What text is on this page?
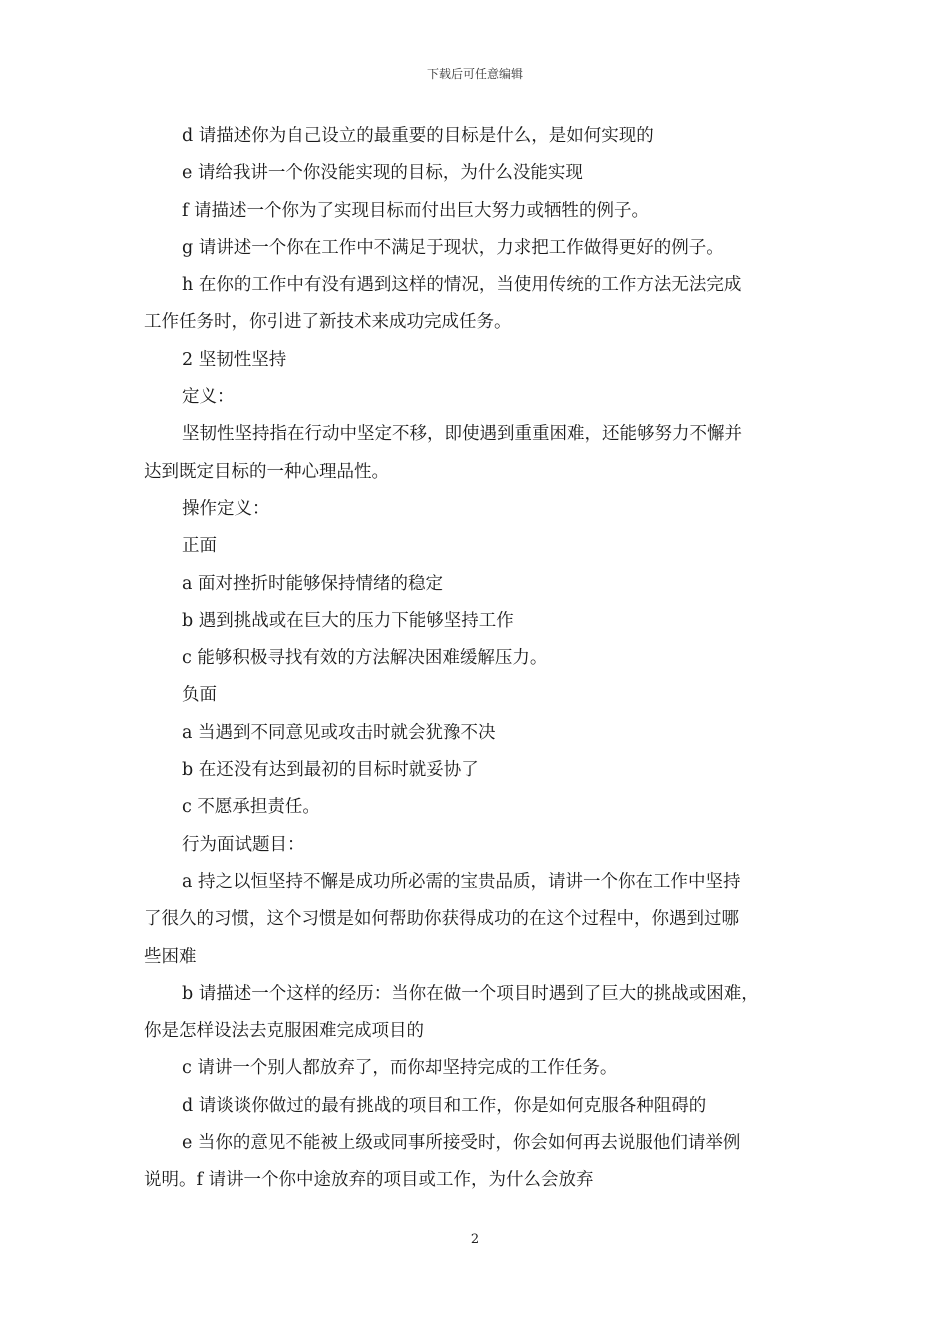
下载后可任意编辑

d 请描述你为自己设立的最重要的目标是什么，是如何实现的

e 请给我讲一个你没能实现的目标，为什么没能实现

f 请描述一个你为了实现目标而付出巨大努力或牺牲的例子。

g 请讲述一个你在工作中不满足于现状，力求把工作做得更好的例子。

h 在你的工作中有没有遇到这样的情况，当使用传统的工作方法无法完成

工作任务时，你引进了新技术来成功完成任务。

2 坚韧性坚持

定义：

坚韧性坚持指在行动中坚定不移，即使遇到重重困难，还能够努力不懈并

达到既定目标的一种心理品性。

操作定义：

正面

a 面对挫折时能够保持情绪的稳定

b 遇到挑战或在巨大的压力下能够坚持工作

c 能够积极寻找有效的方法解决困难缓解压力。

负面

a 当遇到不同意见或攻击时就会犹豫不决

b 在还没有达到最初的目标时就妥协了

c 不愿承担责任。

行为面试题目：

a 持之以恒坚持不懈是成功所必需的宝贵品质，请讲一个你在工作中坚持

了很久的习惯，这个习惯是如何帮助你获得成功的在这个过程中，你遇到过哪

些困难

b 请描述一个这样的经历：当你在做一个项目时遇到了巨大的挑战或困难，

你是怎样设法去克服困难完成项目的

c 请讲一个别人都放弃了，而你却坚持完成的工作任务。

d 请谈谈你做过的最有挑战的项目和工作，你是如何克服各种阻碍的

e 当你的意见不能被上级或同事所接受时，你会如何再去说服他们请举例

说明。f 请讲一个你中途放弃的项目或工作，为什么会放弃

2
